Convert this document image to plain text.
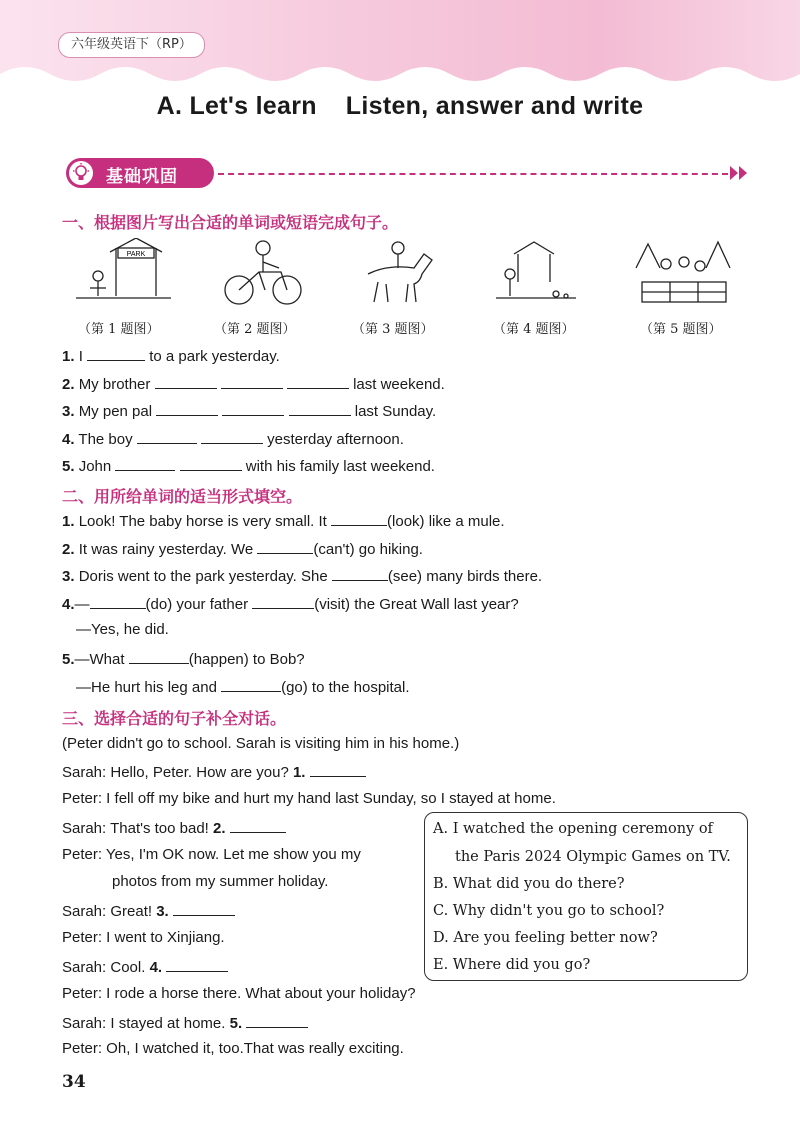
六年级英语下（RP）
A. Let's learn    Listen, answer and write
基础巩固
一、根据图片写出合适的单词或短语完成句子。
PARK
（第 1 题图）	（第 2 题图）	（第 3 题图）	（第 4 题图）	（第 5 题图）
1. I	to a park yesterday.
2. My brother	last weekend.
3. My pen pal	last Sunday.
4. The boy	yesterday afternoon.
5. John	with his family last weekend.
二、用所给单词的适当形式填空。
1. Look! The baby horse is very small. It	(look) like a mule.
2. It was rainy yesterday. We	(can't) go hiking.
3. Doris went to the park yesterday. She	(see) many birds there.
4.—	(do) your father	(visit) the Great Wall last year?
—Yes, he did.
5.—What	(happen) to Bob?
—He hurt his leg and	(go) to the hospital.
三、选择合适的句子补全对话。
(Peter didn't go to school. Sarah is visiting him in his home.)
Sarah: Hello, Peter. How are you? 1.
Peter: I fell off my bike and hurt my hand last Sunday, so I stayed at home.
Sarah: That's too bad! 2.
Peter: Yes, I'm OK now. Let me show you my
photos from my summer holiday.
Sarah: Great! 3.
Peter: I went to Xinjiang.
Sarah: Cool. 4.
Peter: I rode a horse there. What about your holiday?
Sarah: I stayed at home. 5.
Peter: Oh, I watched it, too.That was really exciting.
A. I watched the opening ceremony of
the Paris 2024 Olympic Games on TV.
B. What did you do there?
C. Why didn't you go to school?
D. Are you feeling better now?
E. Where did you go?
34
